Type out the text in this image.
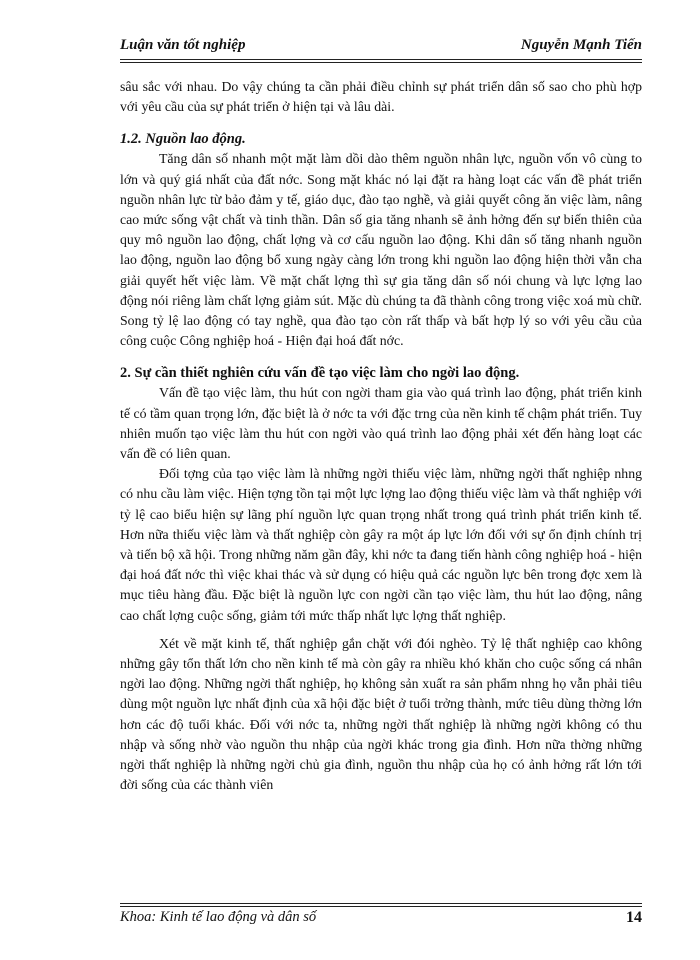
Luận văn tốt nghiệp	Nguyễn Mạnh Tiến

sâu sắc với nhau. Do vậy chúng ta cần phải điều chỉnh sự phát triển dân số sao cho phù hợp với yêu cầu của sự phát triển ở hiện tại và lâu dài.

1.2. Nguồn lao động.

Tăng dân số nhanh một mặt làm dồi dào thêm nguồn nhân lực, nguồn vốn vô cùng to lớn và quý giá nhất của đất nớc. Song mặt khác nó lại đặt ra hàng loạt các vấn đề phát triển nguồn nhân lực từ bảo đảm y tế, giáo dục, đào tạo nghề, và giải quyết công ăn việc làm, nâng cao mức sống vật chất và tinh thần. Dân số gia tăng nhanh sẽ ảnh hởng đến sự biến thiên của quy mô nguồn lao động, chất lợng và cơ cấu nguồn lao động. Khi dân số tăng nhanh nguồn lao động, nguồn lao động bổ xung ngày càng lớn trong khi nguồn lao động hiện thời vẫn cha giải quyết hết việc làm. Về mặt chất lợng thì sự gia tăng dân số nói chung và lực lợng lao động nói riêng làm chất lợng giảm sút. Mặc dù chúng ta đã thành công trong việc xoá mù chữ. Song tỷ lệ lao động có tay nghề, qua đào tạo còn rất thấp và bất hợp lý so với yêu cầu của công cuộc Công nghiệp hoá - Hiện đại hoá đất nớc.

2. Sự cần thiết nghiên cứu vấn đề tạo việc làm cho ngời lao động.

Vấn đề tạo việc làm, thu hút con ngời tham gia vào quá trình lao động, phát triển kinh tế có tầm quan trọng lớn, đặc biệt là ở nớc ta với đặc trng của nền kinh tế chậm phát triển. Tuy nhiên muốn tạo việc làm thu hút con ngời vào quá trình lao động phải xét đến hàng loạt các vấn đề có liên quan.

Đối tợng của tạo việc làm là những ngời thiếu việc làm, những ngời thất nghiệp nhng có nhu cầu làm việc. Hiện tợng tồn tại một lực lợng lao động thiếu việc làm và thất nghiệp với tỷ lệ cao biểu hiện sự lãng phí nguồn lực quan trọng nhất trong quá trình phát triển kinh tế. Hơn nữa thiếu việc làm và thất nghiệp còn gây ra một áp lực lớn đối với sự ổn định chính trị và tiến bộ xã hội. Trong những năm gần đây, khi nớc ta đang tiến hành công nghiệp hoá - hiện đại hoá đất nớc thì việc khai thác và sử dụng có hiệu quả các nguồn lực bên trong đợc xem là mục tiêu hàng đầu. Đặc biệt là nguồn lực con ngời cần tạo việc làm, thu hút lao động, nâng cao chất lợng cuộc sống, giảm tới mức thấp nhất lực lợng thất nghiệp.

Xét về mặt kinh tế, thất nghiệp gắn chặt với đói nghèo. Tỷ lệ thất nghiệp cao không những gây tổn thất lớn cho nền kinh tế mà còn gây ra nhiều khó khăn cho cuộc sống cá nhân ngời lao động. Những ngời thất nghiệp, họ không sản xuất ra sản phẩm nhng họ vẫn phải tiêu dùng một nguồn lực nhất định của xã hội đặc biệt ở tuổi trởng thành, mức tiêu dùng thờng lớn hơn các độ tuổi khác. Đối với nớc ta, những ngời thất nghiệp là những ngời không có thu nhập và sống nhờ vào nguồn thu nhập của ngời khác trong gia đình. Hơn nữa thờng những ngời thất nghiệp là những ngời chủ gia đình, nguồn thu nhập của họ có ảnh hởng rất lớn tới đời sống của các thành viên

Khoa: Kinh tế lao động và dân số	14
